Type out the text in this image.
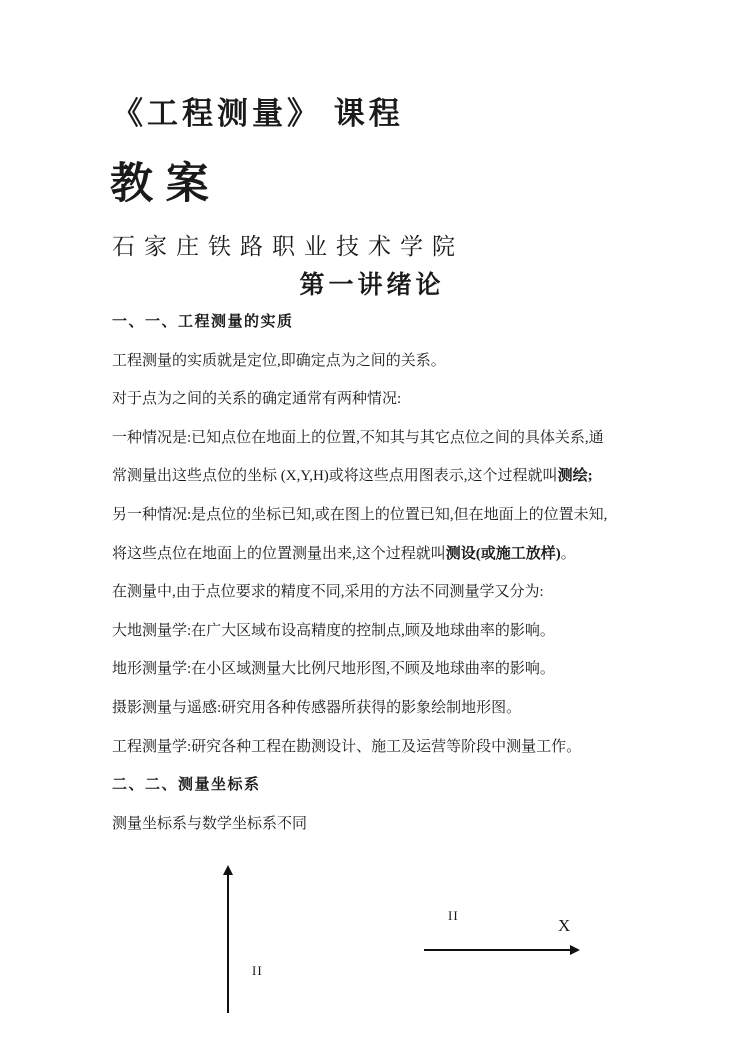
《工程测量》 课程
教 案
石家庄铁路职业技术学院
第一讲绪论

一、一、工程测量的实质

工程测量的实质就是定位,即确定点为之间的关系。

对于点为之间的关系的确定通常有两种情况:

一种情况是:已知点位在地面上的位置,不知其与其它点位之间的具体关系,通

常测量出这些点位的坐标 (X,Y,H)或将这些点用图表示,这个过程就叫测绘;

另一种情况:是点位的坐标已知,或在图上的位置已知,但在地面上的位置未知,

将这些点位在地面上的位置测量出来,这个过程就叫测设(或施工放样)。

在测量中,由于点位要求的精度不同,采用的方法不同测量学又分为:

大地测量学:在广大区域布设高精度的控制点,顾及地球曲率的影响。

地形测量学:在小区域测量大比例尺地形图,不顾及地球曲率的影响。

摄影测量与遥感:研究用各种传感器所获得的影象绘制地形图。

工程测量学:研究各种工程在勘测设计、施工及运营等阶段中测量工作。

二、二、测量坐标系

测量坐标系与数学坐标系不同

II
II
X
